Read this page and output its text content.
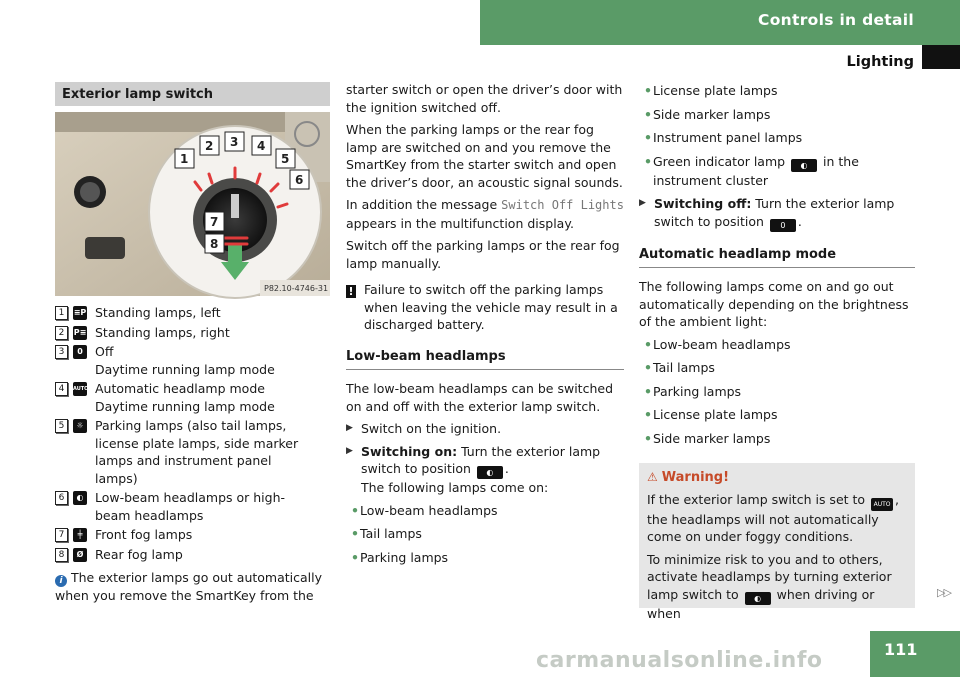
Controls in detail
Lighting
Exterior lamp switch
1
2 3 4
5
6
7
8
P82.10-4746-31
1	≡P Standing lamps, left
2	P≡ Standing lamps, right
3	0 Off
Daytime running lamp mode
4	AUTO Automatic headlamp mode
Daytime running lamp mode
5	☼ Parking lamps (also tail lamps, license plate lamps, side marker lamps and instrument panel lamps)
6	◐ Low-beam headlamps or high-beam headlamps
7	╪	Front fog lamps
8	Ø Rear fog lamp
i The exterior lamps go out automatically when you remove the SmartKey from the

starter switch or open the driver’s door with the ignition switched off.

When the parking lamps or the rear fog lamp are switched on and you remove the SmartKey from the starter switch and open the driver’s door, an acoustic signal sounds.

In addition the message Switch Off Lights appears in the multifunction display.

Switch off the parking lamps or the rear fog lamp manually.

! Failure to switch off the parking lamps when leaving the vehicle may result in a discharged battery.

Low-beam headlamps

The low-beam headlamps can be switched on and off with the exterior lamp switch.

▶ Switch on the ignition.
▶ Switching on: Turn the exterior lamp switch to position ◐ .
The following lamps come on:
• Low-beam headlamps
• Tail lamps
• Parking lamps
• License plate lamps
• Side marker lamps
• Instrument panel lamps
• Green indicator lamp ◐ in the instrument cluster
▶ Switching off: Turn the exterior lamp switch to position 0 .
Automatic headlamp mode

The following lamps come on and go out automatically depending on the brightness of the ambient light:

• Low-beam headlamps
• Tail lamps
• Parking lamps
• License plate lamps
• Side marker lamps
⚠ Warning!

If the exterior lamp switch is set to AUTO , the headlamps will not automatically come on under foggy conditions.

To minimize risk to you and to others, activate headlamps by turning exterior lamp switch to ◐ when driving or when

▷▷
111
carmanualsonline.info
